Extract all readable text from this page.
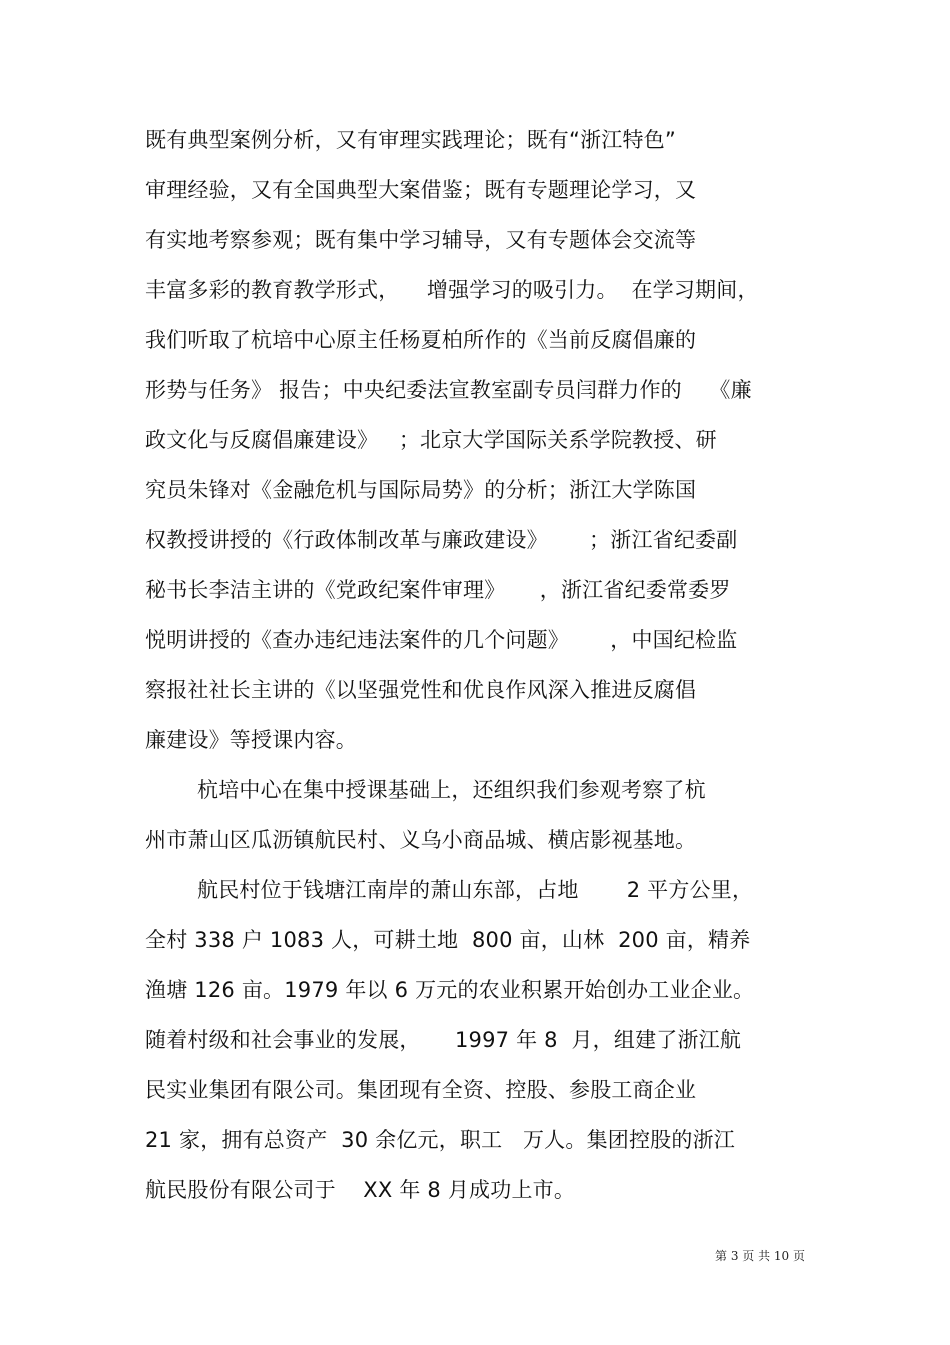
既有典型案例分析，又有审理实践理论；既有“浙江特色”
审理经验，又有全国典型大案借鉴；既有专题理论学习，又
有实地考察参观；既有集中学习辅导，又有专题体会交流等
丰富多彩的教育教学形式，    增强学习的吸引力。  在学习期间，
我们听取了杭培中心原主任杨夏柏所作的《当前反腐倡廉的
形势与任务》 报告；中央纪委法宣教室副专员闫群力作的    《廉
政文化与反腐倡廉建设》   ；北京大学国际关系学院教授、研
究员朱锋对《金融危机与国际局势》的分析；浙江大学陈国
权教授讲授的《行政体制改革与廉政建设》      ；浙江省纪委副
秘书长李洁主讲的《党政纪案件审理》     ，浙江省纪委常委罗
悦明讲授的《查办违纪违法案件的几个问题》      ，中国纪检监
察报社社长主讲的《以坚强党性和优良作风深入推进反腐倡
廉建设》等授课内容。
杭培中心在集中授课基础上，还组织我们参观考察了杭
州市萧山区瓜沥镇航民村、义乌小商品城、横店影视基地。
航民村位于钱塘江南岸的萧山东部，占地       2 平方公里，
全村 338 户 1083 人，可耕土地  800 亩，山林  200 亩，精养
渔塘 126 亩。1979 年以 6 万元的农业积累开始创办工业企业。
随着村级和社会事业的发展，     1997 年 8  月，组建了浙江航
民实业集团有限公司。集团现有全资、控股、参股工商企业
21 家，拥有总资产  30 余亿元，职工   万人。集团控股的浙江
航民股份有限公司于    XX 年 8 月成功上市。
第 3 页 共 10 页
